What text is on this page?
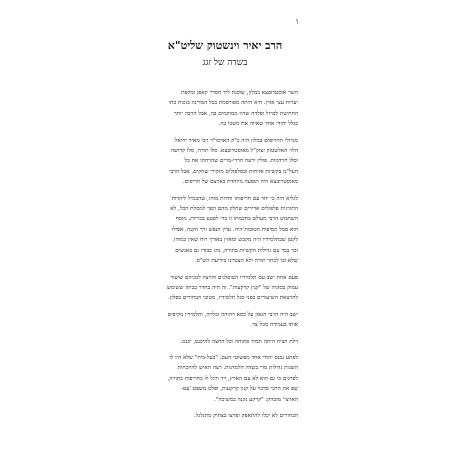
ו
הרב יאיר וינשטוק שליט"א
בשדה של זגג

השר אוסטרובצא במלון, שוכנת ליד הסדר קאפן ומקפת
יערות עצי אורן. היא היתה מפורסמת בכל המדינה בזכות בתי
החרושת לברזל ופלדה שהיו ממוקמים בה, אבל הרבה יותר
בגלל יהודי אחד שאיוה את משכו בה.

מגדולי החרופים במלון היה כ"ק האדמו"ר רבי מאיר יחיאל
הלוי האלשטוק זצוק"ל מאוסטרובצא. סלו תורה, סלו קדושה
וסלו חרדמות. פולין ידעה חרדי-מרים שהרחתו את כל
העל"מ בקשיות אזיחות ובסלפולים מוקירי שחקים, אבל הרבי
מאוסטרובצא היה תופעה מיוחדת בארצם של חריפים.

לגליא היה כי יחד עם חריפותו וחדות מוחו, שהכמיל ליהדות
התורנית פלפולים אדירים שחלק מהם הפך למסלת הכל, לא
השתמש הרבי מעולם בחכמתו זו כדי לפטע בבריות. מוסף
הוא סמל הסיפות הטובות היה. עדין הנפש ורך הקנה, אפילו
לקטן שבתלמידיו היה מקבש ומאזין באורך רוח שאין כמוהו,
ובד בבד עם גדולות הקשיות בתורה, נהג כבודו גם באנשים
שלא זכו לכתר תורה ולא הצטיינו בידיעת הש"ס.

פעם אחת ישב עם תלמידיו הטופלגים והרצה למניהם שיעור
עמוק בסוגיה של "קנין קרקעות". זה היה בחדר בביתו ששימש
להרצאת השיעורים בפני סגל תלמידיו, מטובי הבחורים בפלון.

ישב היה הרבי הגאון על כסא דהוהה ובלויה, ותלמידיו מקיפים
אותו בעמידה מכל צד.

דלת הבית היתה תמיד פתוחה וכל החצה להיכנס, יכנס.

לפתע נכנס יהודי אחד מפשוטי העם. "בעל-בית" שלא היו לו
השגות גדולות סדי בשדה הלמדנות. רצה האיש להיוכחות
לפרגים כי גם הוא לא עם הארץ, ויד ורגל לו בחריפות בתורה,
שפ את הרבי סדבר על קנין קרקעות, ופלט משפט 'עם-
הארצי' מובהק: "קרקע נקנה במשיכה".

הבחורים לא יכלו להתאפק ופרצו בצחוק מתגלגל.
